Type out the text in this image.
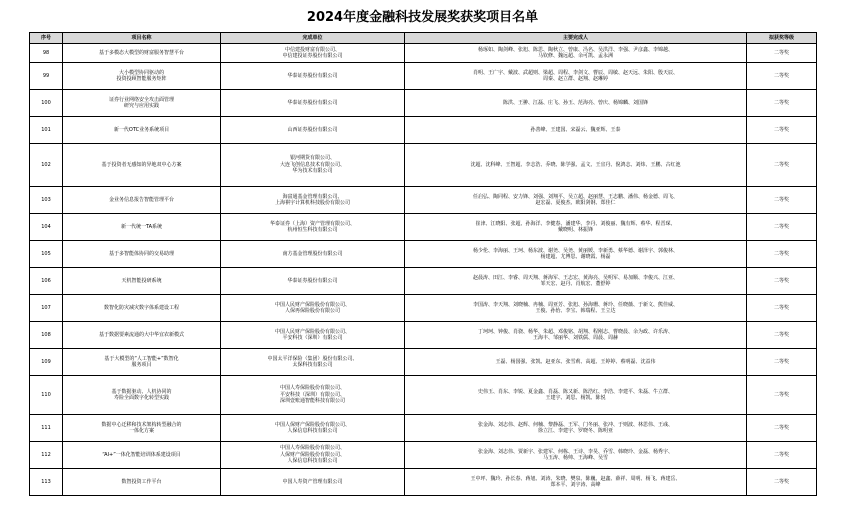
2024年度金融科技发展奖获奖项目名单
序号	项目名称	完成单位	主要完成人	拟获奖等级
98	基于多模态大模型的财富服务智慧平台	中信建投财富有限公司、
中信建投证券股份有限公司	杨琢如、陶剑峰、张旭、陈思、陶秋立、曾康、冯名、吴洪洋、李强、尹彦鑫、李锦越、
马钦修、魏远超、余可凯、孟永洲	二等奖
99	大小模型协同驱动的
投资投顾智能服务矩阵	华泰证券股份有限公司	肖明、王广宇、戴波、武超则、梁超、周程、李剑文、曹辰、周敏、赵天远、朱阳、殷天辰、
周秦、赵立群、赵翔、赵琳婷	二等奖
100	证券行业网络安全攻击面管理
研究与应用实践	华泰证券股份有限公司	陈洪、王翀、江磊、庄飞、孙玉、范海亮、曾庆、杨锦麟、刘国锋	二等奖
101	新一代OTC业务系统项目	山西证券股份有限公司	孙善峰、王建国、宋磊云、魏亚辉、王泰	二等奖
102	基于投资者无感知的异地双中心方案	银河期货有限公司、
大连飞创信息技术有限公司、
华为技术有限公司	沈超、沈科峰、王智超、李志浩、乔晓、陈学强、孟文、王宜丹、倪鸿志、刘炜、王鹏、古红池	二等奖
103	金业务信息报告智能管理平台	海富通基金管理有限公司、
上海祺宇计算机科技股份有限公司	任启弘、陶同程、安力锋、刘强、刘翔平、吴立超、赵丽慧、王志鹏、潘伟、杨金德、周飞、
赵宏磊、夏俊杰、欧阳剑钢、郑佳仁	二等奖
104	新一代统一TA系统	华泰证券（上海）资产管理有限公司、
杭州恒生科技有限公司	崔津、江晓阳、张超、孙海洋、李健春、潘建华、李丹、刘俊丽、魏有辉、蔡华、程晋琛、
戴晓明、林振锋	二等奖
105	基于多智能体协同的交易助理	南方基金管理股份有限公司	杨少伦、李海丽、王珂、杨东波、谢尧、吴尧、黄丽媛、李新勇、蔡华德、谢泽宇、郭俊林、
杨建超、尤博思、谢晓霞、杨磊	二等奖
106	天机智能投研系统	华泰证券股份有限公司	赵晨涛、田江、李睿、周天翔、蒋海军、王志宏、黄海亮、吴明军、易加顺、李俊兴、江亚、
邹天宏、赵丹、肖航宏、董舒婷	二等奖
107	数智化防灾减灾数字体系建设工程	中国人民财产保险股份有限公司、
人保再保险股份有限公司	李国涛、李天翔、刘晓楠、冉楠、周亚芳、张旭、孙海珊、蒋玲、任晓薇、于新文、熊佳威、
王俊、孙怡、李宝、韩瑞程、王立达	二等奖
108	基于数据要素流通的大中华宜农新模式	中国人民财产保险股份有限公司、
平安科技（深圳）有限公司	丁珂珂、钟俊、肖骁、杨华、朱超、邓俊铭、胡翔、程刚志、曹晓晨、余为政、许乐涛、
王海丰、邹丽华、刘铁儒、周晨、周赫	二等奖
109	基于大模型的“人工智能+”数智化
服务项目	中国太平洋保险（集团）股份有限公司、
太保科技有限公司	王磊、杨国强、张凯、赵亚东、张雪莉、高超、王婷婷、蔡明磊、沈益伟	二等奖
110	基于数据驱动、人机协同的
寿险全面数字化转型实践	中国人寿保险股份有限公司、
平安科技（深圳）有限公司、
深圳壹账通智能科技有限公司	史伟玉、肖东、李锐、夏金鑫、肖磊、陈又新、陈浩红、李浩、李建平、朱磊、牛立群、
王建宇、刘思、杨凯、陈悦	二等奖
111	数据中心迁移和技术架构转型融合的
一体化方案	中国人保财产保险股份有限公司、
人保信息科技有限公司	张金海、刘志伟、赵辉、何楠、黎静磊、王军、门冬丽、张冲、于则波、林思伟、王彧、
徐立江、李建宇、罗晓冬、陈明亚	二等奖
112	“AI+”一体化智能培训体系建设项目	中国人寿保险股份有限公司、
人保财产保险股份有限公司、
人保信息科技有限公司	张金海、刘志伟、贾新宇、张建军、何栋、王诗、李昊、乔雪、韩晓玲、金磊、杨秀宇、
马玉涛、杨帅、王海峰、吴雪	二等奖
113	数智投资工作平台	中国人寿资产管理有限公司	王中坪、魏玲、孙长春、蒋旭、刘涛、朱晓、樊泉、陈巍、赵鑫、薛祥、周明、杨飞、蒋建岳、
郑本平、刘宇涛、高峰	二等奖
